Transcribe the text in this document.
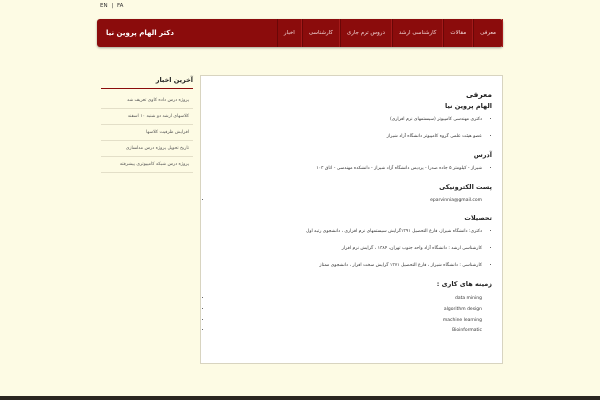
EN | FA
معرفی
مقالات
کارشناسی ارشد
دروس ترم جاری
کارشناسی
اخبار
دکتر الهام پروین نیا
معرفی
الهام پروین نیا
• دکتری مهندسی کامپیوتر (سیستمهای نرم افزاری)
• عضو هیئت علمی گروه کامپیوتر دانشگاه آزاد شیراز
آدرس
• شیراز - کیلومتر ۵ جاده صدرا - پردیس دانشگاه آزاد شیراز - دانشکده مهندسی - اتاق ۱۰۳
پست الکترونیکی
• eparvinnia@gmail.com
تحصیلات
• دکتری: دانشگاه شیراز، فارغ التحصیل ۱۳۹۱گرایش سیستمهای نرم افزاری ، دانشجوی رتبه اول
• کارشناسی ارشد : دانشگاه آزاد واحد جنوب تهران، ۱۳۸۴ ، گرایش نرم افزار
• کارشناسی : دانشگاه شیراز ، فارغ التحصیل ۱۳۷۱ گرایش سخت افزار ، دانشجوی ممتاز
زمینه های کاری :
• data mining
• algorithm design
• machine learning
• Bioinformatic
آخرین اخبار
پروژه درس داده کاوی تعریف شد
کلاسهای ارشد دو شنبه ۱۰ اسفند
افزایش ظرفیت کلاسها
تاریخ تحویل پروژه درس مدلسازی
پروژه درس شبکه کامپیوتری پیشرفته
